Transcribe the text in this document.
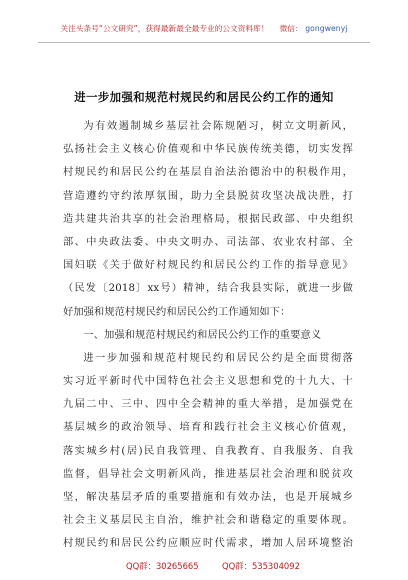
关注头条号“公文研究”，获得最新最全最专业的公文资料库！ 微信： gongwenyj
进一步加强和规范村规民约和居民公约工作的通知
为有效遏制城乡基层社会陈规陋习，树立文明新风，
弘扬社会主义核心价值观和中华民族传统美德，切实发挥
村规民约和居民公约在基层自治法治德治中的积极作用，
营造遵约守约浓厚氛围，助力全县脱贫攻坚决战决胜，打
造共建共治共享的社会治理格局，根据民政部、中央组织
部、中央政法委、中央文明办、司法部、农业农村部、全
国妇联《关于做好村规民约和居民公约工作的指导意见》
（民发〔2018〕xx号）精神，结合我县实际，就进一步做
好加强和规范村规民约和居民公约工作通知如下：
一、加强和规范村规民约和居民公约工作的重要意义
进一步加强和规范村规民约和居民公约是全面贯彻落
实习近平新时代中国特色社会主义思想和党的十九大、十
九届二中、三中、四中全会精神的重大举措，是加强党在
基层城乡的政治领导、培育和践行社会主义核心价值观，
落实城乡村(居)民自我管理、自我教育、自我服务、自我
监督，倡导社会文明新风尚，推进基层社会治理和脱贫攻
坚，解决基层矛盾的重要措施和有效办法，也是开展城乡
社会主义基层民主自治，维护社会和谐稳定的重要体现。
村规民约和居民公约应顺应时代需求，增加人居环境整治
QQ群：30265665	QQ群：535304092
